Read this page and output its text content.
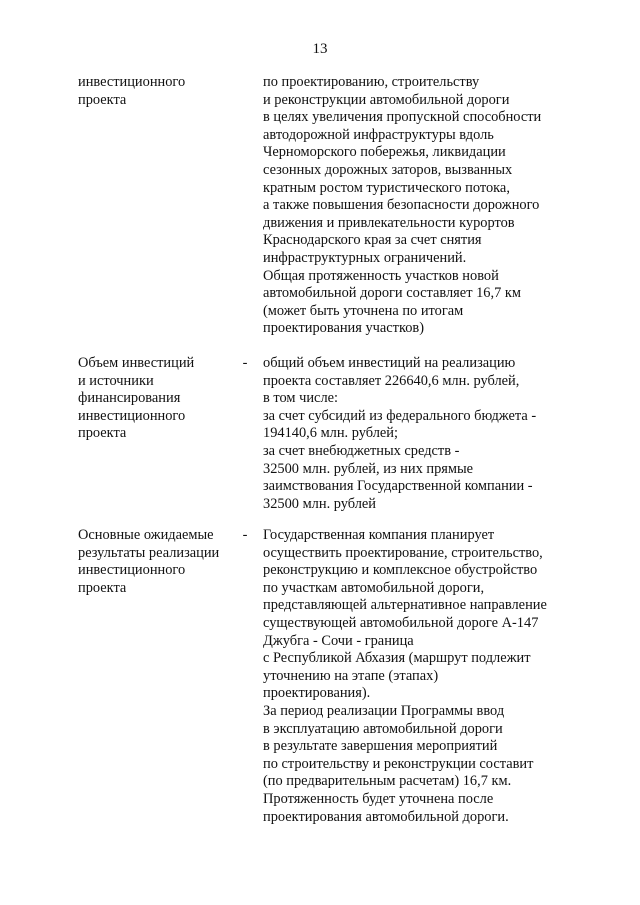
13
инвестиционного
проекта
по проектированию, строительству
и реконструкции автомобильной дороги
в целях увеличения пропускной способности
автодорожной инфраструктуры вдоль
Черноморского побережья, ликвидации
сезонных дорожных заторов, вызванных
кратным ростом туристического потока,
а также повышения безопасности дорожного
движения и привлекательности курортов
Краснодарского края за счет снятия
инфраструктурных ограничений.
Общая протяженность участков новой
автомобильной дороги составляет 16,7 км
(может быть уточнена по итогам
проектирования участков)
Объем инвестиций
и источники
финансирования
инвестиционного
проекта
- общий объем инвестиций на реализацию
проекта составляет 226640,6 млн. рублей,
в том числе:
за счет субсидий из федерального бюджета -
194140,6 млн. рублей;
за счет внебюджетных средств -
32500 млн. рублей, из них прямые
заимствования Государственной компании -
32500 млн. рублей
Основные ожидаемые
результаты реализации
инвестиционного
проекта
- Государственная компания планирует
осуществить проектирование, строительство,
реконструкцию и комплексное обустройство
по участкам автомобильной дороги,
представляющей альтернативное направление
существующей автомобильной дороге А-147
Джубга - Сочи - граница
с Республикой Абхазия (маршрут подлежит
уточнению на этапе (этапах)
проектирования).
За период реализации Программы ввод
в эксплуатацию автомобильной дороги
в результате завершения мероприятий
по строительству и реконструкции составит
(по предварительным расчетам) 16,7 км.
Протяженность будет уточнена после
проектирования автомобильной дороги.
